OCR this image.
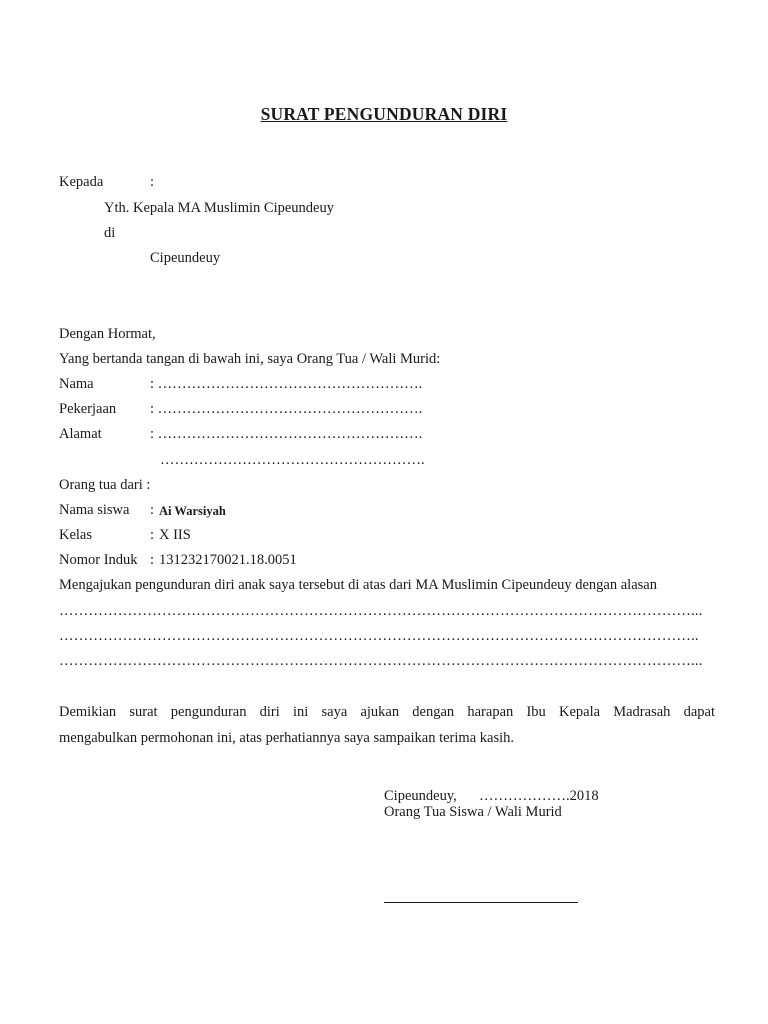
SURAT PENGUNDURAN DIRI
Kepada	:
Yth. Kepala MA Muslimin Cipeundeuy
di
Cipeundeuy
Dengan Hormat,
Yang bertanda tangan di bawah ini, saya Orang Tua / Wali Murid:
Nama	: ……………………………………………….
Pekerjaan : ……………………………………………….
Alamat	: ……………………………………………….
……………………………………………….
Orang tua dari :
Nama siswa : Ai Warsiyah
Kelas	: X IIS
Nomor Induk : 131232170021.18.0051
Mengajukan pengunduran diri anak saya tersebut di atas dari MA Muslimin Cipeundeuy dengan alasan
…………………………………………………………………………………………………………………...
…………………………………………………………………………………………………………………..
…………………………………………………………………………………………………………………...
Demikian surat pengunduran diri ini saya ajukan dengan harapan Ibu Kepala Madrasah dapat
mengabulkan permohonan ini, atas perhatiannya saya sampaikan terima kasih.
Cipeundeuy, ……………….2018
Orang Tua Siswa / Wali Murid
